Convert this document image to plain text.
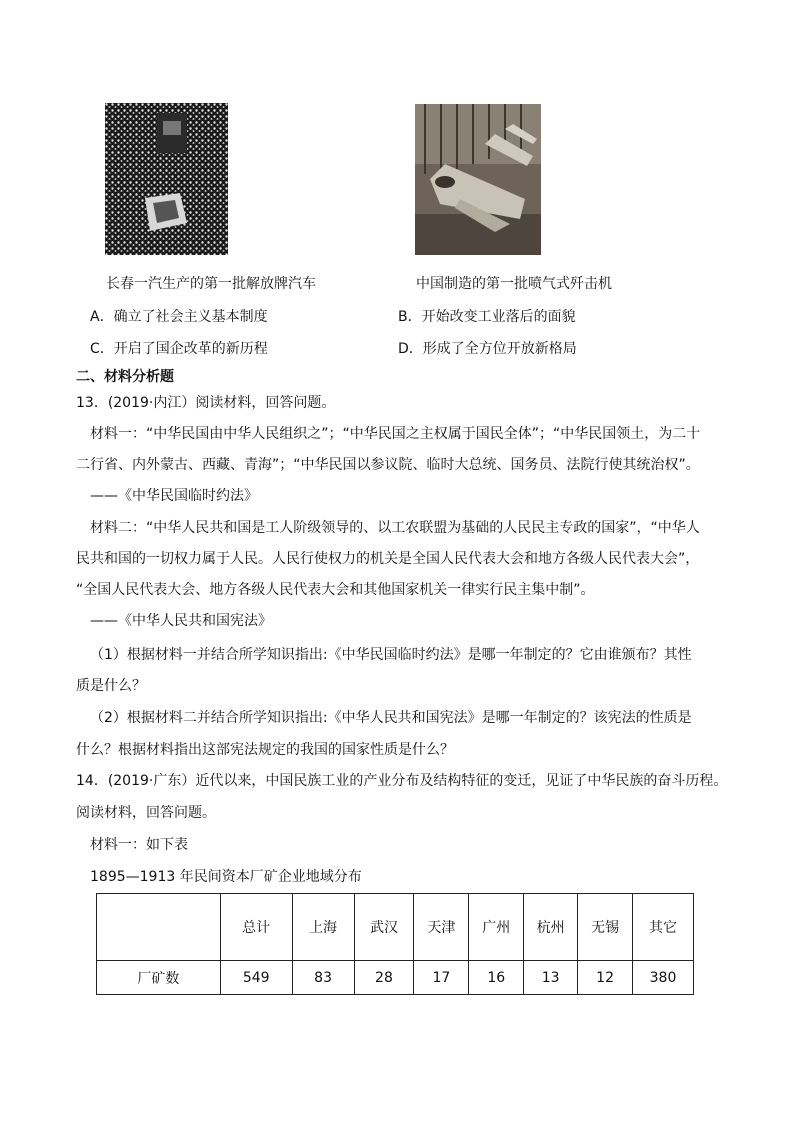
长春一汽生产的第一批解放牌汽车	中国制造的第一批喷气式歼击机
A．确立了社会主义基本制度	B．开始改变工业落后的面貌
C．开启了国企改革的新历程	D．形成了全方位开放新格局
二、材料分析题
13．(2019·内江）阅读材料，回答问题。
材料一：“中华民国由中华人民组织之”；“中华民国之主权属于国民全体”；“中华民国领土，为二十
二行省、内外蒙古、西藏、青海”；“中华民国以参议院、临时大总统、国务员、法院行使其统治权”。
——《中华民国临时约法》
材料二：“中华人民共和国是工人阶级领导的、以工农联盟为基础的人民民主专政的国家”，“中华人
民共和国的一切权力属于人民。人民行使权力的机关是全国人民代表大会和地方各级人民代表大会”，
“全国人民代表大会、地方各级人民代表大会和其他国家机关一律实行民主集中制”。
——《中华人民共和国宪法》
（1）根据材料一并结合所学知识指出:《中华民国临时约法》是哪一年制定的？它由谁颁布？其性
质是什么？
（2）根据材料二并结合所学知识指出:《中华人民共和国宪法》是哪一年制定的？该宪法的性质是
什么？根据材料指出这部宪法规定的我国的国家性质是什么？
14．(2019·广东）近代以来，中国民族工业的产业分布及结构特征的变迁，见证了中华民族的奋斗历程。
阅读材料，回答问题。
材料一：如下表
1895—1913 年民间资本厂矿企业地域分布
	总计	上海	武汉	天津	广州	杭州	无锡	其它
厂矿数	549	83	28	17	16	13	12	380
